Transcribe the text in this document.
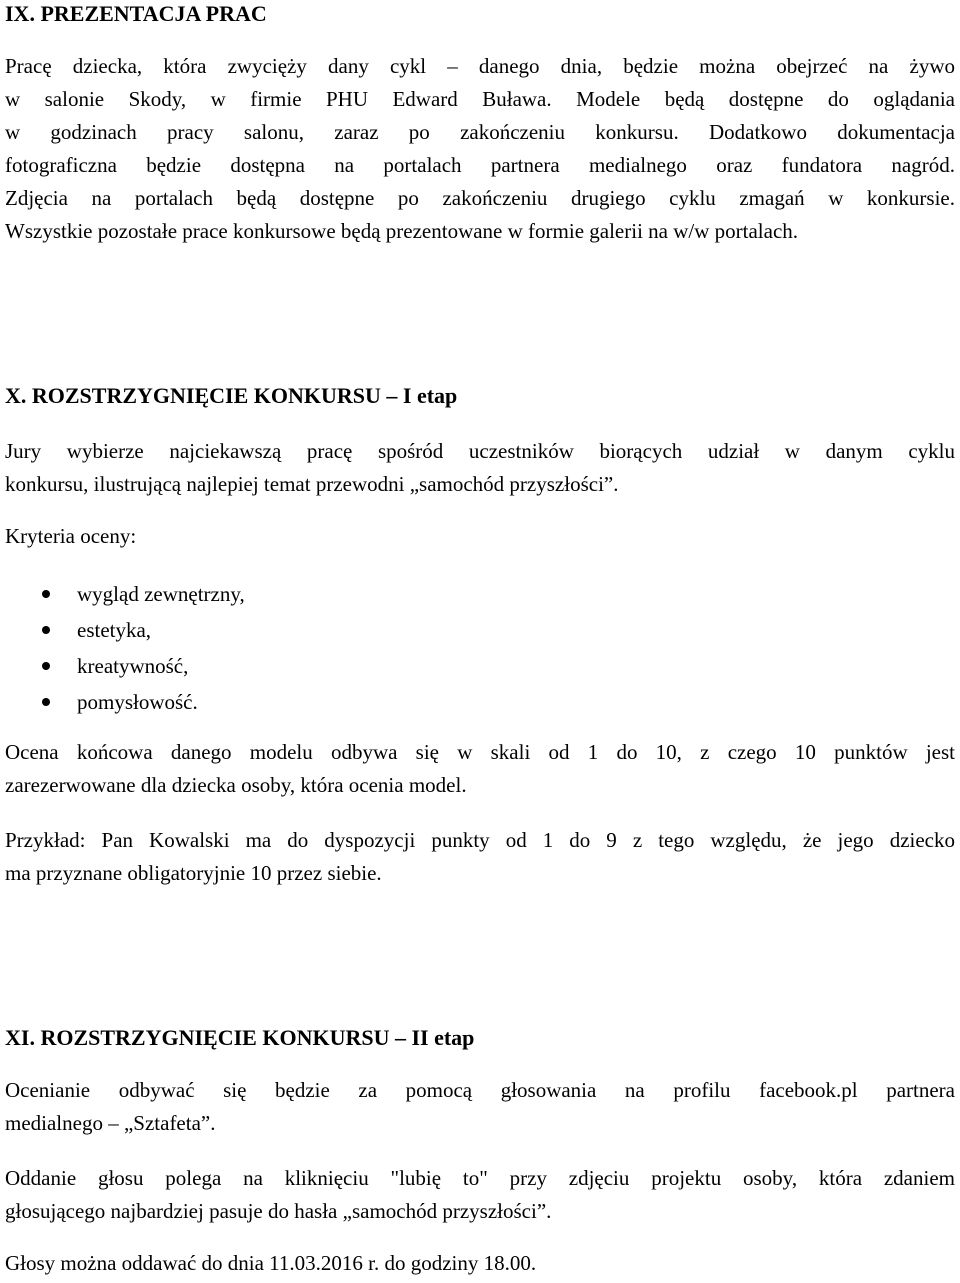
IX. PREZENTACJA PRAC
Pracę dziecka, która zwycięży dany cykl – danego dnia, będzie można obejrzeć na żywo
w salonie Skody, w firmie PHU Edward Buława. Modele będą dostępne do oglądania
w godzinach pracy salonu, zaraz po zakończeniu konkursu. Dodatkowo dokumentacja
fotograficzna będzie dostępna na portalach partnera medialnego oraz fundatora nagród.
Zdjęcia na portalach będą dostępne po zakończeniu drugiego cyklu zmagań w konkursie.
Wszystkie pozostałe prace konkursowe będą prezentowane w formie galerii na w/w portalach.
X. ROZSTRZYGNIĘCIE KONKURSU – I etap
Jury wybierze najciekawszą pracę spośród uczestników biorących udział w danym cyklu
konkursu, ilustrującą najlepiej temat przewodni „samochód przyszłości”.
Kryteria oceny:
wygląd zewnętrzny,
estetyka,
kreatywność,
pomysłowość.
Ocena końcowa danego modelu odbywa się w skali od 1 do 10, z czego 10 punktów jest
zarezerwowane dla dziecka osoby, która ocenia model.
Przykład: Pan Kowalski ma do dyspozycji punkty od 1 do 9 z tego względu, że jego dziecko
ma przyznane obligatoryjnie 10 przez siebie.
XI. ROZSTRZYGNIĘCIE KONKURSU – II etap
Ocenianie odbywać się będzie za pomocą głosowania na profilu facebook.pl partnera
medialnego – „Sztafeta”.
Oddanie głosu polega na kliknięciu "lubię to" przy zdjęciu projektu osoby, która zdaniem
głosującego najbardziej pasuje do hasła „samochód przyszłości”.
Głosy można oddawać do dnia 11.03.2016 r. do godziny 18.00.
